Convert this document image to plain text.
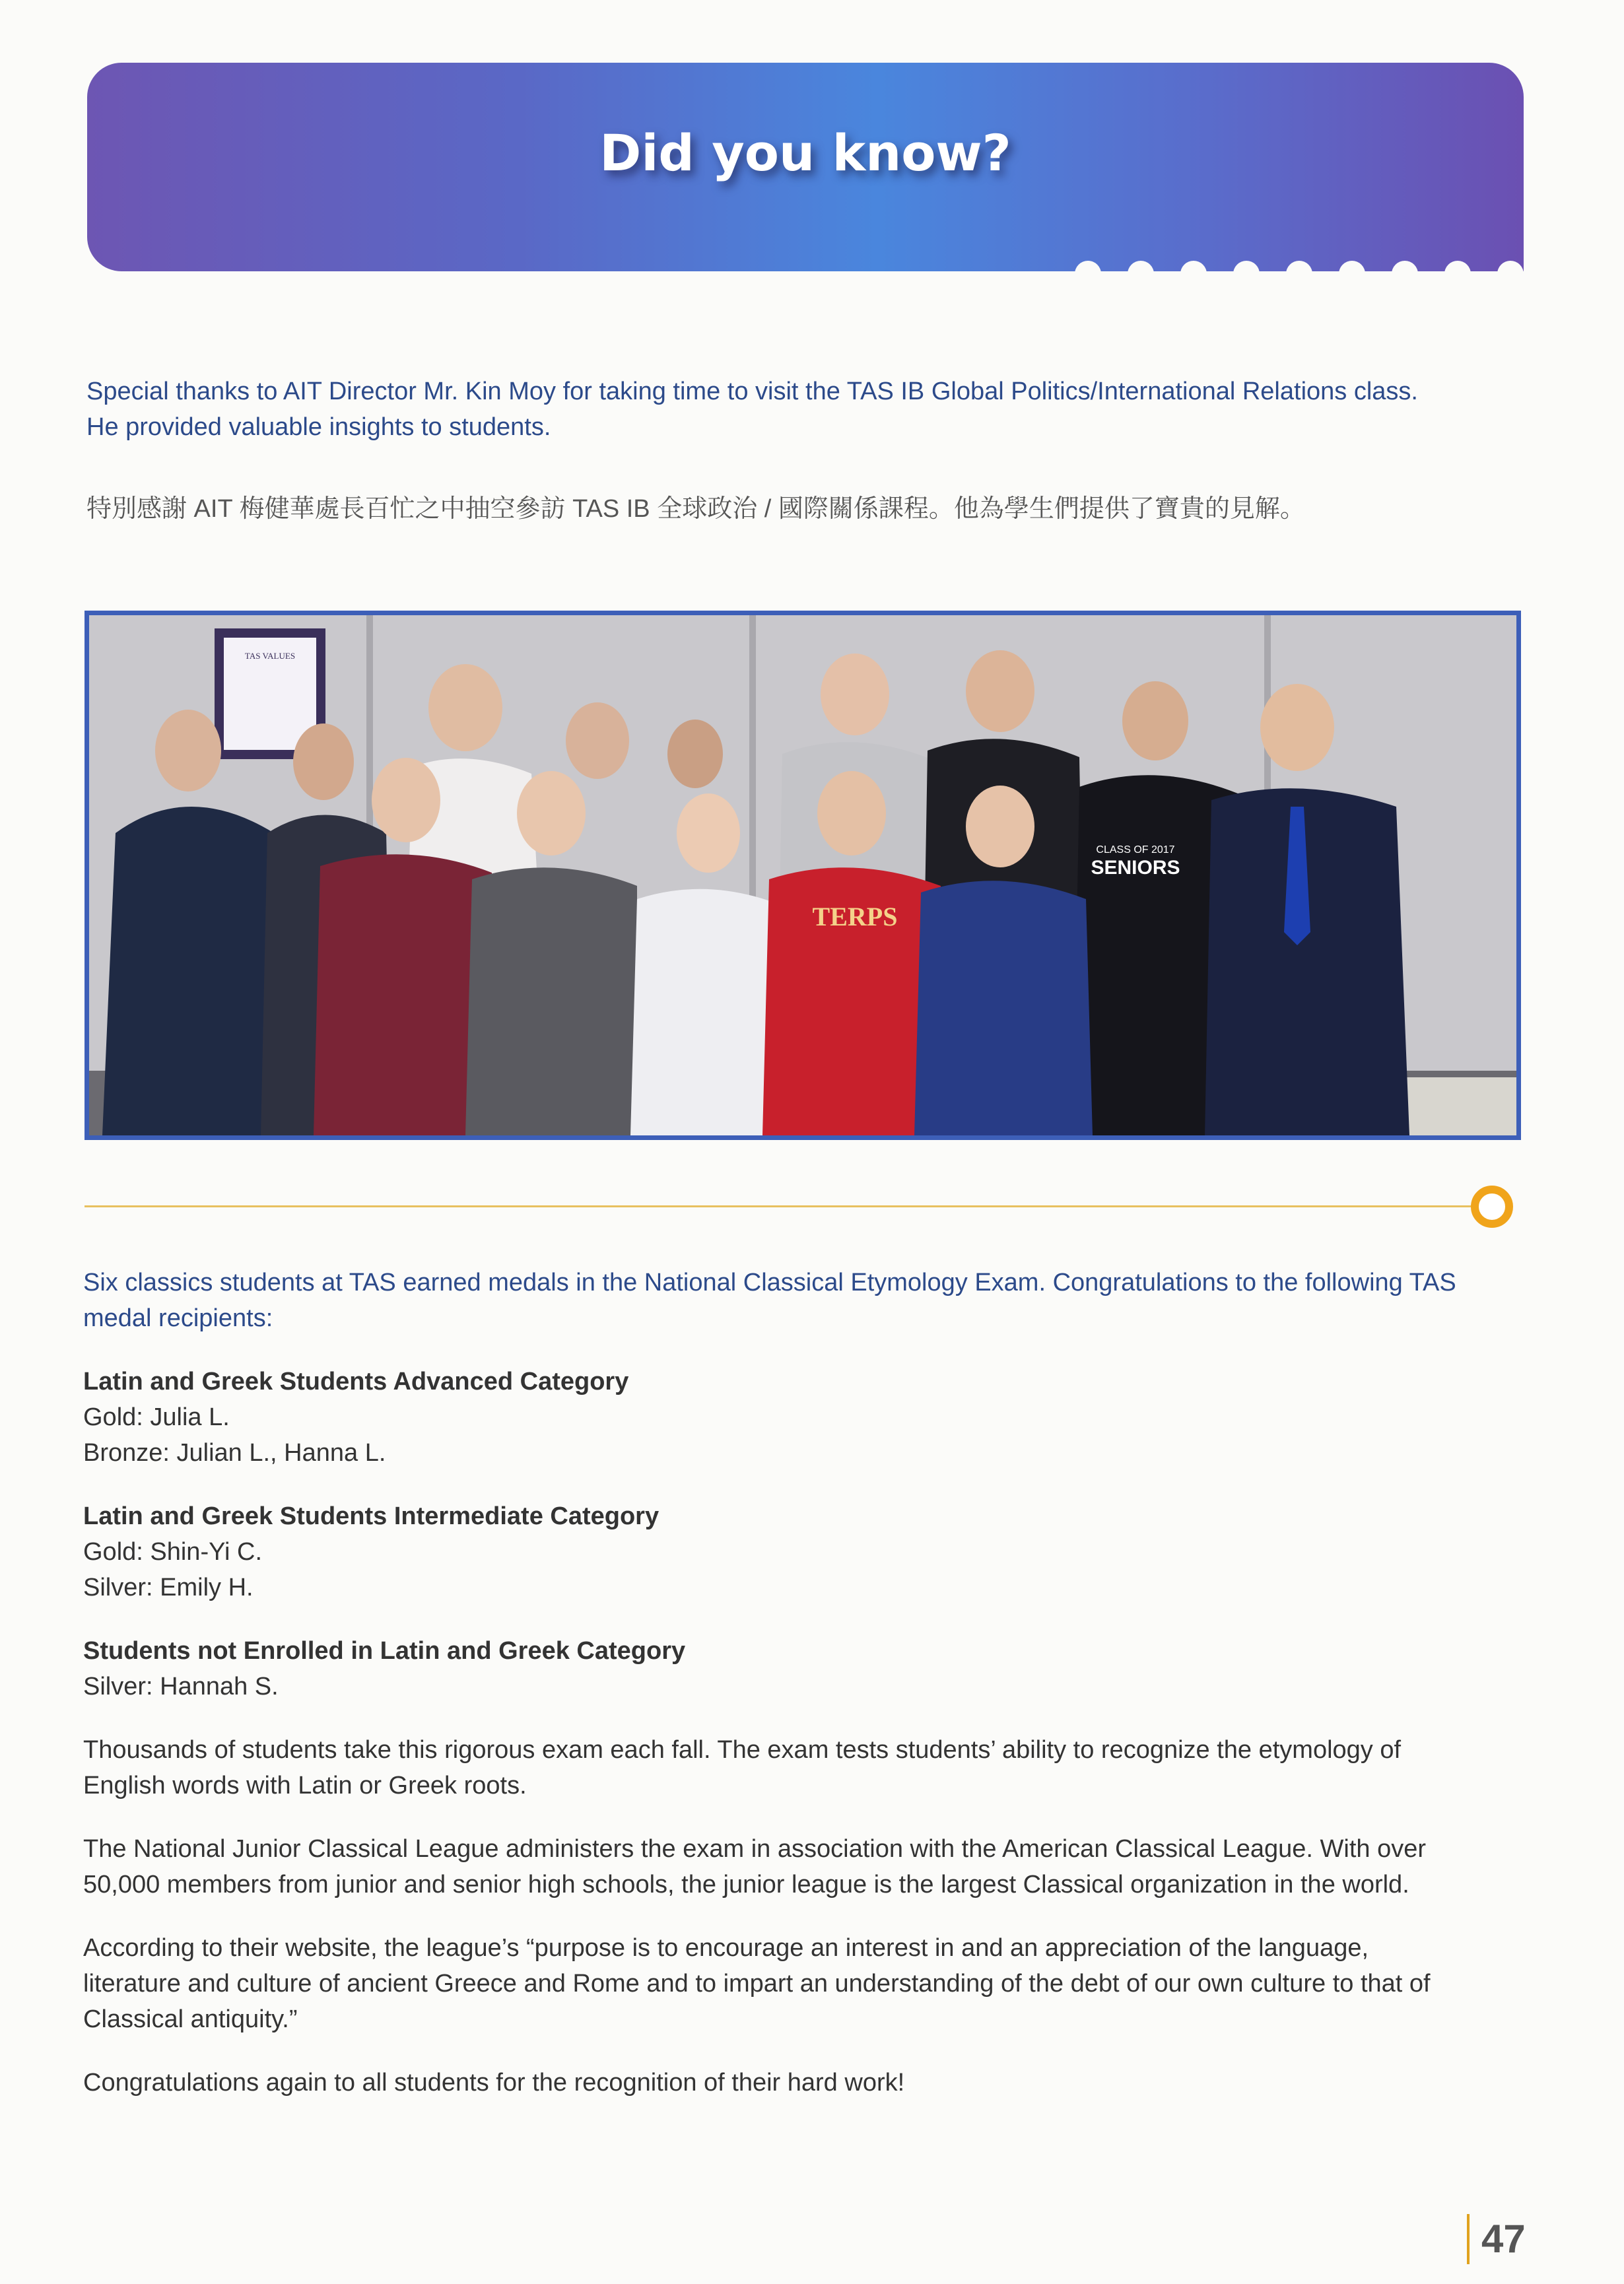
Did you know?

Special thanks to AIT Director Mr. Kin Moy for taking time to visit the TAS IB Global Politics/International Relations class.
He provided valuable insights to students.

特別感謝 AIT 梅健華處長百忙之中抽空參訪 TAS IB 全球政治 / 國際關係課程。他為學生們提供了寶貴的見解。

TAS VALUES
CLASS OF 2017
SENIORS
TERPS

Six classics students at TAS earned medals in the National Classical Etymology Exam. Congratulations to the following TAS
medal recipients:

Latin and Greek Students Advanced Category
Gold: Julia L.
Bronze: Julian L., Hanna L.

Latin and Greek Students Intermediate Category
Gold: Shin-Yi C.
Silver: Emily H.

Students not Enrolled in Latin and Greek Category
Silver: Hannah S.

Thousands of students take this rigorous exam each fall. The exam tests students’ ability to recognize the etymology of
English words with Latin or Greek roots.

The National Junior Classical League administers the exam in association with the American Classical League. With over
50,000 members from junior and senior high schools, the junior league is the largest Classical organization in the world.

According to their website, the league’s “purpose is to encourage an interest in and an appreciation of the language,
literature and culture of ancient Greece and Rome and to impart an understanding of the debt of our own culture to that of
Classical antiquity.”

Congratulations again to all students for the recognition of their hard work!

47
